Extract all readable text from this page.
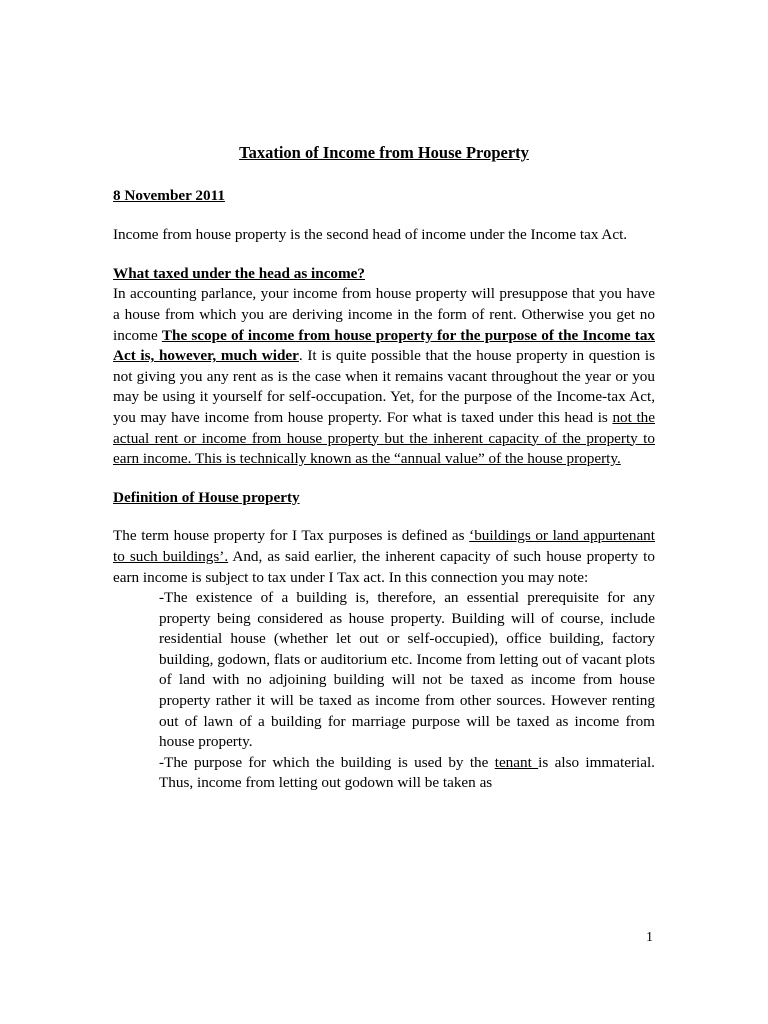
Taxation of Income from House Property
8 November 2011

Income from house property is the second head of income under the Income tax Act.

What taxed under the head as income?

In accounting parlance, your income from house property will presuppose that you have a house from which you are deriving income in the form of rent. Otherwise you get no income The scope of income from house property for the purpose of the Income tax Act is, however, much wider. It is quite possible that the house property in question is not giving you any rent as is the case when it remains vacant throughout the year or you may be using it yourself for self-occupation. Yet, for the purpose of the Income-tax Act, you may have income from house property. For what is taxed under this head is not the actual rent or income from house property but the inherent capacity of the property to earn income. This is technically known as the “annual value” of the house property.

Definition of House property

The term house property for I Tax purposes is defined as ‘buildings or land appurtenant to such buildings’. And, as said earlier, the inherent capacity of such house property to earn income is subject to tax under I Tax act. In this connection you may note:

-The existence of a building is, therefore, an essential prerequisite for any property being considered as house property. Building will of course, include residential house (whether let out or self-occupied), office building, factory building, godown, flats or auditorium etc. Income from letting out of vacant plots of land with no adjoining building will not be taxed as income from house property rather it will be taxed as income from other sources. However renting out of lawn of a building for marriage purpose will be taxed as income from house property.

-The purpose for which the building is used by the tenant is also immaterial. Thus, income from letting out godown will be taken as

1
